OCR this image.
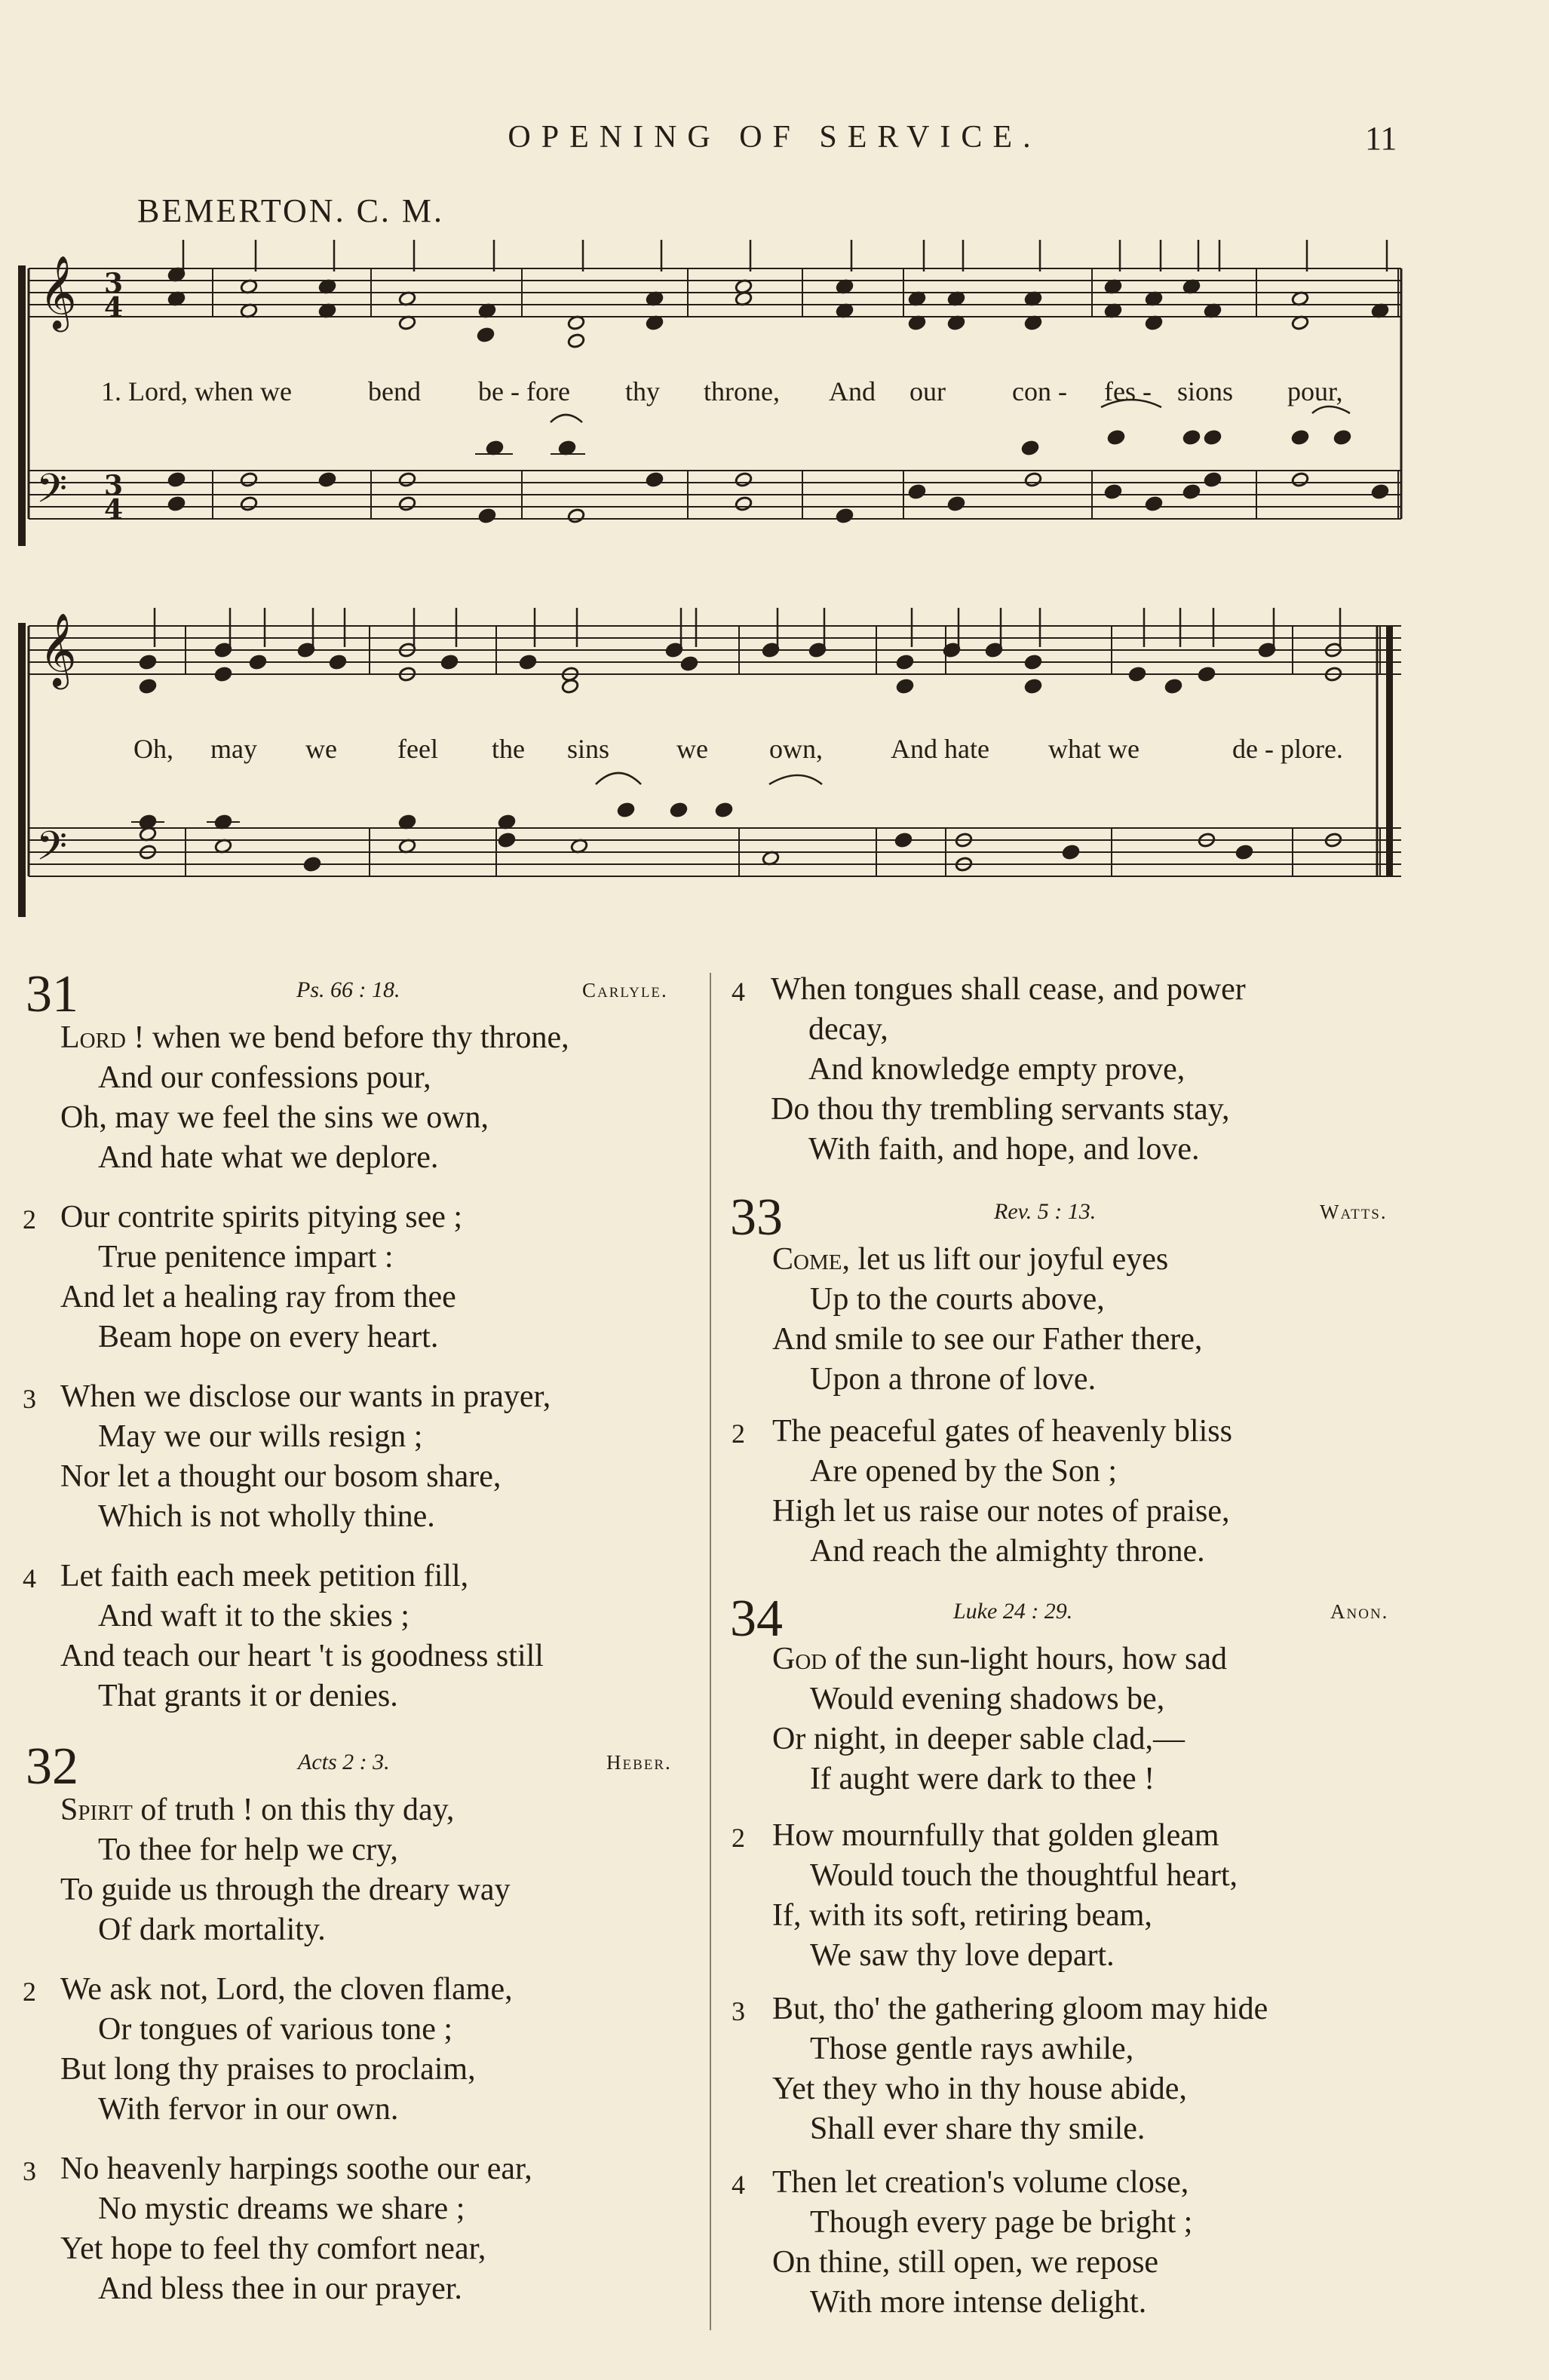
OPENING OF SERVICE.	11
BEMERTON. C. M.
𝄞
𝄢
3
4
3
4
𝄞
𝄢
1. Lord, when we	bend be - fore thy throne, And our con - fes - sions pour,
Oh, may we feel the sins we own,	And hate what we	de - plore.
31	Ps. 66 : 18.	Carlyle.
Lord ! when we bend before thy throne,
And our confessions pour,
Oh, may we feel the sins we own,
And hate what we deplore.
2 Our contrite spirits pitying see ;
True penitence impart :
And let a healing ray from thee
Beam hope on every heart.
3 When we disclose our wants in prayer,
May we our wills resign ;
Nor let a thought our bosom share,
Which is not wholly thine.
4 Let faith each meek petition fill,
And waft it to the skies ;
And teach our heart 't is goodness still
That grants it or denies.
32	Acts 2 : 3.	Heber.
Spirit of truth ! on this thy day,
To thee for help we cry,
To guide us through the dreary way
Of dark mortality.
2 We ask not, Lord, the cloven flame,
Or tongues of various tone ;
But long thy praises to proclaim,
With fervor in our own.
3 No heavenly harpings soothe our ear,
No mystic dreams we share ;
Yet hope to feel thy comfort near,
And bless thee in our prayer.
4 When tongues shall cease, and power
decay,
And knowledge empty prove,
Do thou thy trembling servants stay,
With faith, and hope, and love.
33	Rev. 5 : 13.	Watts.
Come, let us lift our joyful eyes
Up to the courts above,
And smile to see our Father there,
Upon a throne of love.
2 The peaceful gates of heavenly bliss
Are opened by the Son ;
High let us raise our notes of praise,
And reach the almighty throne.
34	Luke 24 : 29.	Anon.
God of the sun-light hours, how sad
Would evening shadows be,
Or night, in deeper sable clad,—
If aught were dark to thee !
2 How mournfully that golden gleam
Would touch the thoughtful heart,
If, with its soft, retiring beam,
We saw thy love depart.
3 But, tho' the gathering gloom may hide
Those gentle rays awhile,
Yet they who in thy house abide,
Shall ever share thy smile.
4 Then let creation's volume close,
Though every page be bright ;
On thine, still open, we repose
With more intense delight.
